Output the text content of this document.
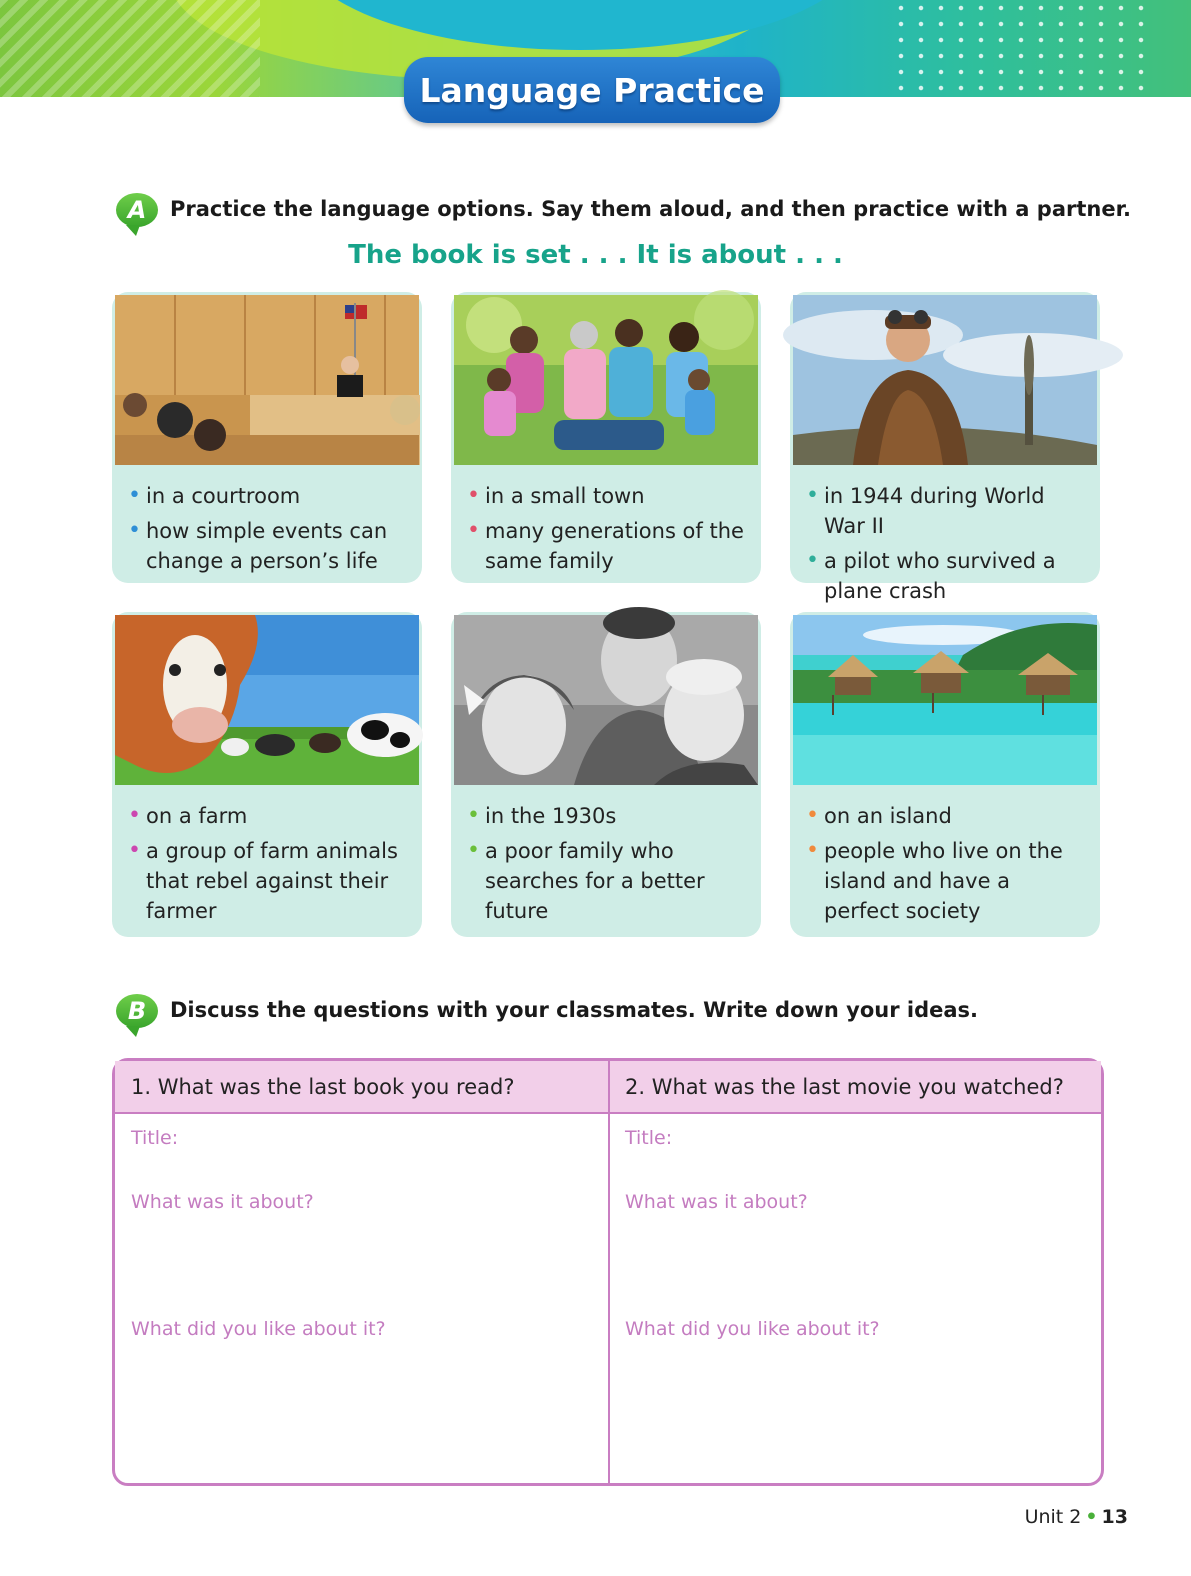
Language Practice
A Practice the language options. Say them aloud, and then practice with a partner.
The book is set . . . It is about . . .
• in a courtroom
• how simple events can change a person’s life
• in a small town
• many generations of the same family
• in 1944 during World War II
• a pilot who survived a plane crash
• on a farm
• a group of farm animals that rebel against their farmer
• in the 1930s
• a poor family who searches for a better future
• on an island
• people who live on the island and have a perfect society
B Discuss the questions with your classmates. Write down your ideas.
1. What was the last book you read?	2. What was the last movie you watched?
Title:
What was it about?
What did you like about it?
Title:
What was it about?
What did you like about it?
Unit 2 • 13
